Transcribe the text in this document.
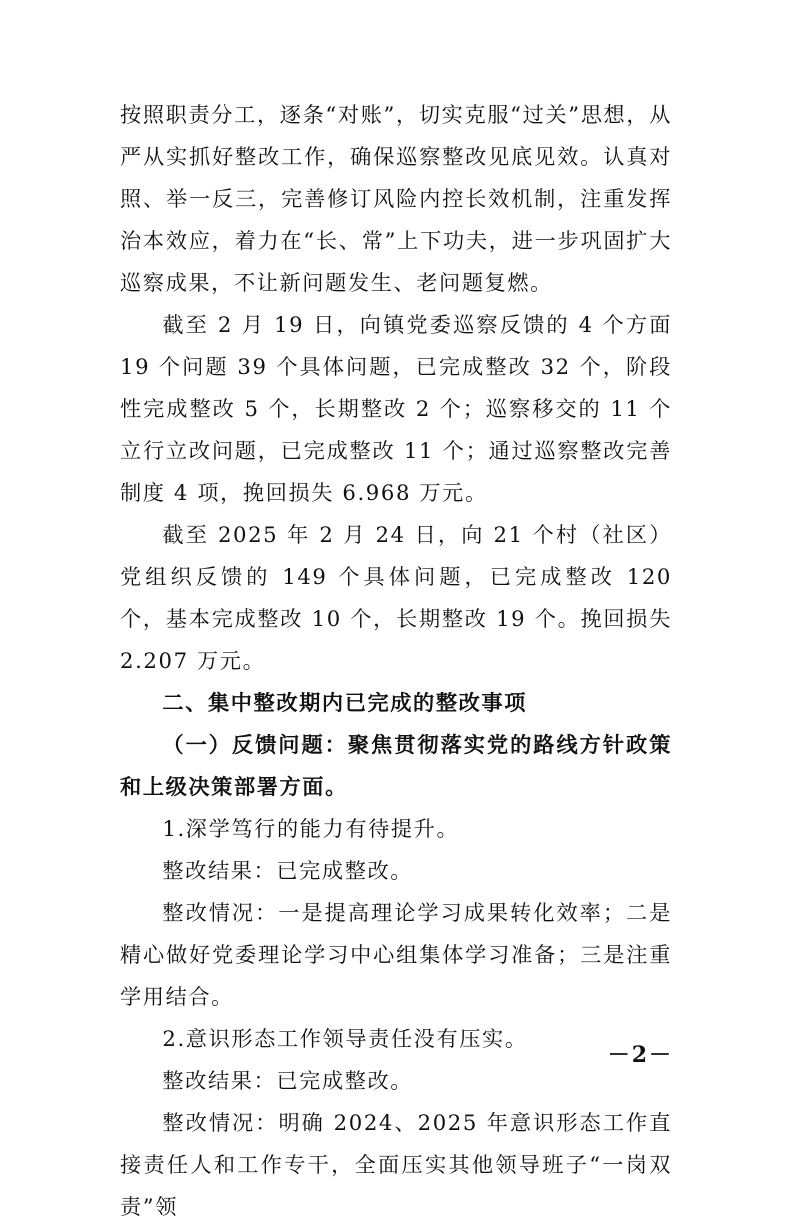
按照职责分工，逐条“对账”，切实克服“过关”思想，从严从实抓好整改工作，确保巡察整改见底见效。认真对照、举一反三，完善修订风险内控长效机制，注重发挥治本效应，着力在“长、常”上下功夫，进一步巩固扩大巡察成果，不让新问题发生、老问题复燃。

截至 2 月 19 日，向镇党委巡察反馈的 4 个方面 19 个问题 39 个具体问题，已完成整改 32 个，阶段性完成整改 5 个，长期整改 2 个；巡察移交的 11 个立行立改问题，已完成整改 11 个；通过巡察整改完善制度 4 项，挽回损失 6.968 万元。

截至 2025 年 2 月 24 日，向 21 个村（社区）党组织反馈的 149 个具体问题，已完成整改 120 个，基本完成整改 10 个，长期整改 19 个。挽回损失 2.207 万元。

二、集中整改期内已完成的整改事项

（一）反馈问题：聚焦贯彻落实党的路线方针政策和上级决策部署方面。

1.深学笃行的能力有待提升。

整改结果：已完成整改。

整改情况：一是提高理论学习成果转化效率；二是精心做好党委理论学习中心组集体学习准备；三是注重学用结合。

2.意识形态工作领导责任没有压实。

整改结果：已完成整改。

整改情况：明确 2024、2025 年意识形态工作直接责任人和工作专干，全面压实其他领导班子“一岗双责”领

－2－
